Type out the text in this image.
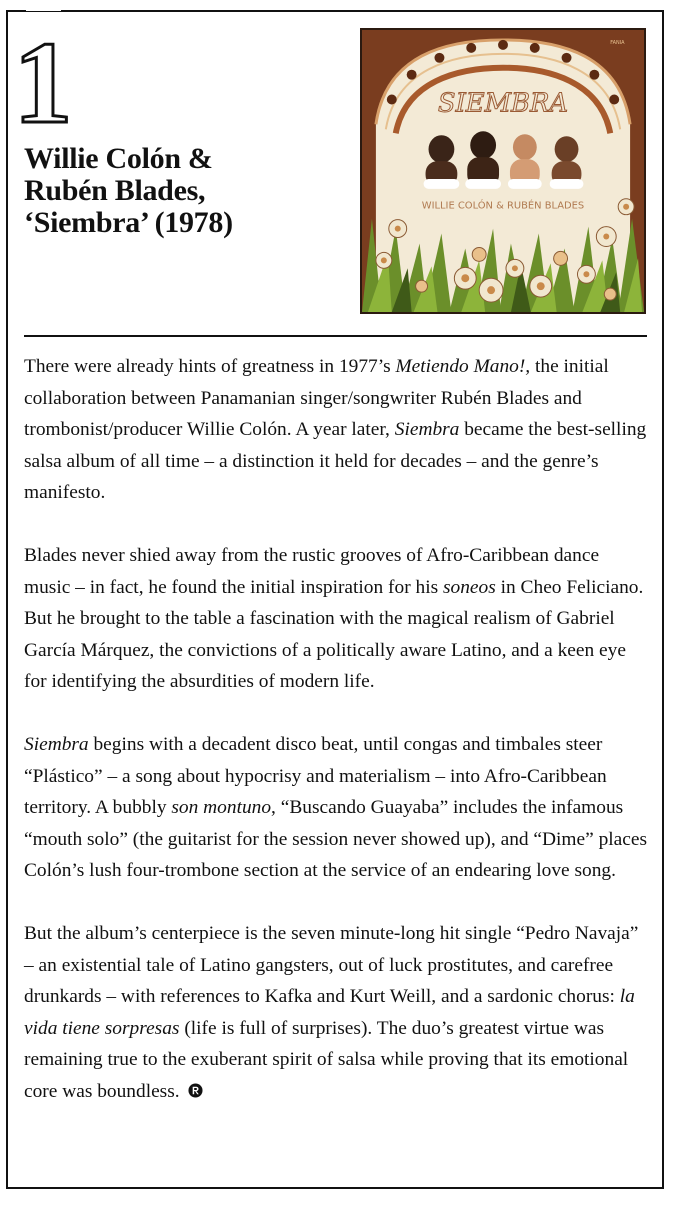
1
Willie Colón &
Rubén Blades,
‘Siembra’ (1978)
SIEMBRA
WILLIE COLÓN & RUBÉN BLADES
FANIA

There were already hints of greatness in 1977’s Metiendo Mano!, the initial collaboration between Panamanian singer/songwriter Rubén Blades and trombonist/producer Willie Colón. A year later, Siembra became the best-selling salsa album of all time – a distinction it held for decades – and the genre’s manifesto.

Blades never shied away from the rustic grooves of Afro-Caribbean dance music – in fact, he found the initial inspiration for his soneos in Cheo Feliciano. But he brought to the table a fascination with the magical realism of Gabriel García Márquez, the convictions of a politically aware Latino, and a keen eye for identifying the absurdities of modern life.

Siembra begins with a decadent disco beat, until congas and timbales steer “Plástico” – a song about hypocrisy and materialism – into Afro-Caribbean territory. A bubbly son montuno, “Buscando Guayaba” includes the infamous “mouth solo” (the guitarist for the session never showed up), and “Dime” places Colón’s lush four-trombone section at the service of an endearing love song.

But the album’s centerpiece is the seven minute-long hit single “Pedro Navaja” – an existential tale of Latino gangsters, out of luck prostitutes, and carefree drunkards – with references to Kafka and Kurt Weill, and a sardonic chorus: la vida tiene sorpresas (life is full of surprises). The duo’s greatest virtue was remaining true to the exuberant spirit of salsa while proving that its emotional core was boundless.
